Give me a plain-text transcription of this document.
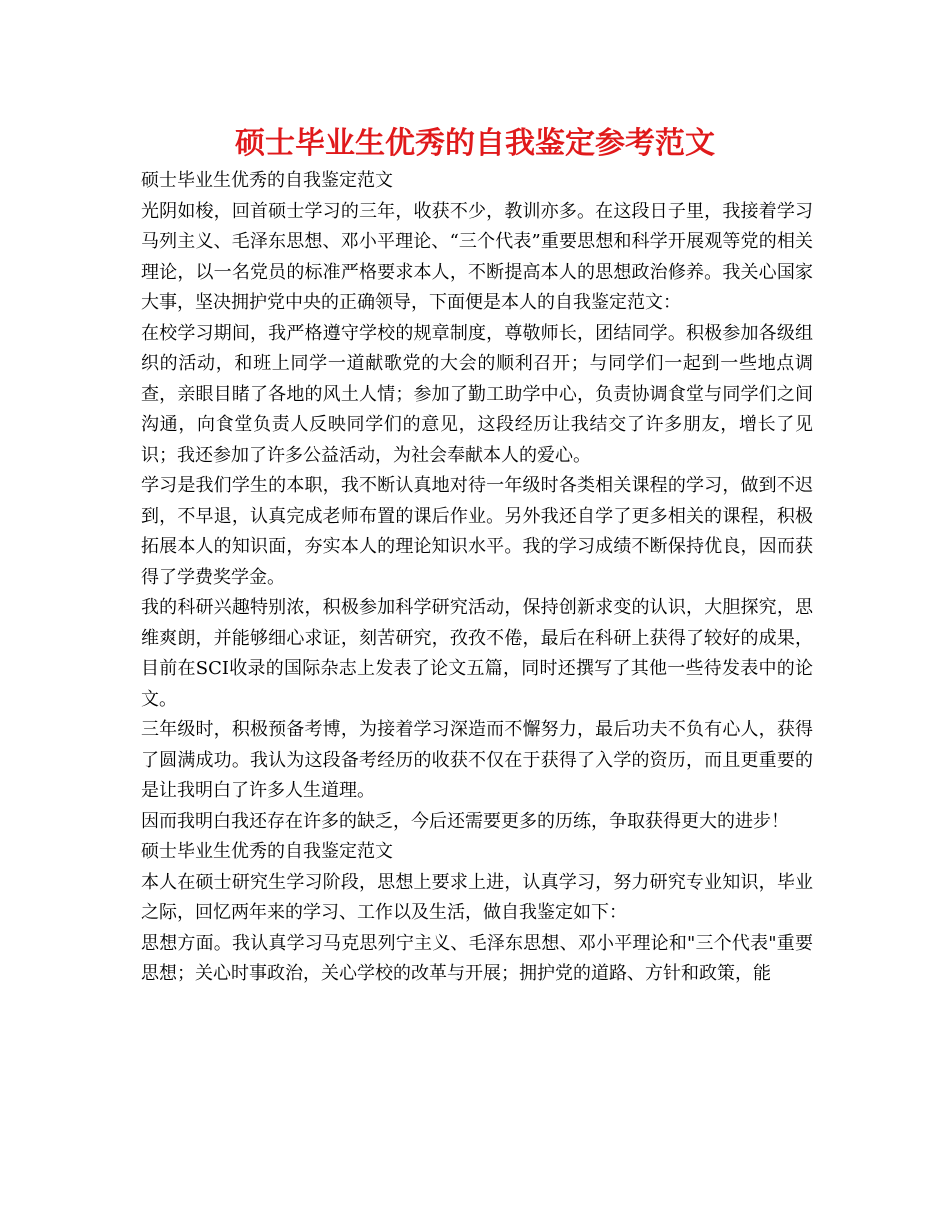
硕士毕业生优秀的自我鉴定参考范文

硕士毕业生优秀的自我鉴定范文

光阴如梭，回首硕士学习的三年，收获不少，教训亦多。在这段日子里，我接着学习马列主义、毛泽东思想、邓小平理论、“三个代表”重要思想和科学开展观等党的相关理论，以一名党员的标准严格要求本人，不断提高本人的思想政治修养。我关心国家大事，坚决拥护党中央的正确领导，下面便是本人的自我鉴定范文：

在校学习期间，我严格遵守学校的规章制度，尊敬师长，团结同学。积极参加各级组织的活动，和班上同学一道献歌党的大会的顺利召开；与同学们一起到一些地点调查，亲眼目睹了各地的风土人情；参加了勤工助学中心，负责协调食堂与同学们之间沟通，向食堂负责人反映同学们的意见，这段经历让我结交了许多朋友，增长了见识；我还参加了许多公益活动，为社会奉献本人的爱心。

学习是我们学生的本职，我不断认真地对待一年级时各类相关课程的学习，做到不迟到，不早退，认真完成老师布置的课后作业。另外我还自学了更多相关的课程，积极拓展本人的知识面，夯实本人的理论知识水平。我的学习成绩不断保持优良，因而获得了学费奖学金。

我的科研兴趣特别浓，积极参加科学研究活动，保持创新求变的认识，大胆探究，思维爽朗，并能够细心求证，刻苦研究，孜孜不倦，最后在科研上获得了较好的成果，目前在SCI收录的国际杂志上发表了论文五篇，同时还撰写了其他一些待发表中的论文。

三年级时，积极预备考博，为接着学习深造而不懈努力，最后功夫不负有心人，获得了圆满成功。我认为这段备考经历的收获不仅在于获得了入学的资历，而且更重要的是让我明白了许多人生道理。

因而我明白我还存在许多的缺乏，今后还需要更多的历练，争取获得更大的进步！

硕士毕业生优秀的自我鉴定范文

本人在硕士研究生学习阶段，思想上要求上进，认真学习，努力研究专业知识，毕业之际，回忆两年来的学习、工作以及生活，做自我鉴定如下：

思想方面。我认真学习马克思列宁主义、毛泽东思想、邓小平理论和"三个代表"重要思想；关心时事政治，关心学校的改革与开展；拥护党的道路、方针和政策，能
